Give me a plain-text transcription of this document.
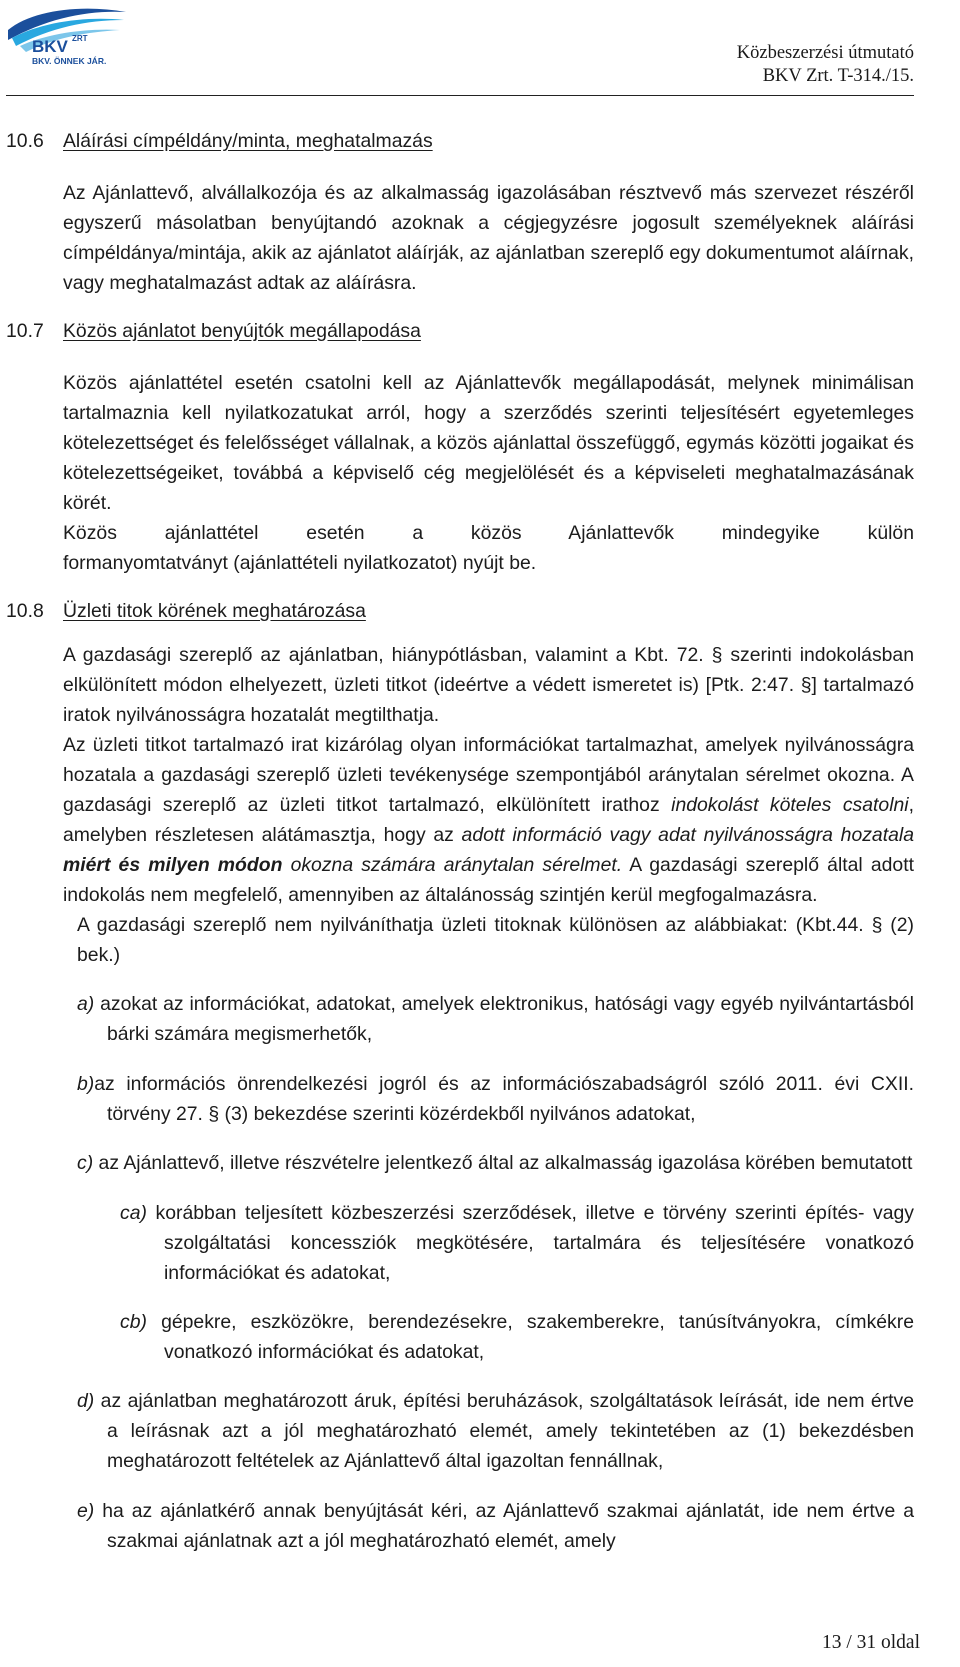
BKV ZRT
BKV. ÖNNEK JÁR.	Közbeszerzési útmutató
BKV Zrt. T-314./15.
10.6 Aláírási címpéldány/minta, meghatalmazás

Az Ajánlattevő, alvállalkozója és az alkalmasság igazolásában résztvevő más szervezet részéről egyszerű másolatban benyújtandó azoknak a cégjegyzésre jogosult személyeknek aláírási címpéldánya/mintája, akik az ajánlatot aláírják, az ajánlatban szereplő egy dokumentumot aláírnak, vagy meghatalmazást adtak az aláírásra.

10.7 Közös ajánlatot benyújtók megállapodása

Közös ajánlattétel esetén csatolni kell az Ajánlattevők megállapodását, melynek minimálisan tartalmaznia kell nyilatkozatukat arról, hogy a szerződés szerinti teljesítésért egyetemleges kötelezettséget és felelősséget vállalnak, a közös ajánlattal összefüggő, egymás közötti jogaikat és kötelezettségeiket, továbbá a képviselő cég megjelölését és a képviseleti meghatalmazásának körét.

Közös ajánlattétel esetén a közös Ajánlattevők mindegyike külön

formanyomtatványt (ajánlattételi nyilatkozatot) nyújt be.

10.8 Üzleti titok körének meghatározása

A gazdasági szereplő az ajánlatban, hiánypótlásban, valamint a Kbt. 72. § szerinti indokolásban elkülönített módon elhelyezett, üzleti titkot (ideértve a védett ismeretet is) [Ptk. 2:47. §] tartalmazó iratok nyilvánosságra hozatalát megtilthatja.

Az üzleti titkot tartalmazó irat kizárólag olyan információkat tartalmazhat, amelyek nyilvánosságra hozatala a gazdasági szereplő üzleti tevékenysége szempontjából aránytalan sérelmet okozna. A gazdasági szereplő az üzleti titkot tartalmazó, elkülönített irathoz indokolást köteles csatolni, amelyben részletesen alátámasztja, hogy az adott információ vagy adat nyilvánosságra hozatala miért és milyen módon okozna számára aránytalan sérelmet. A gazdasági szereplő által adott indokolás nem megfelelő, amennyiben az általánosság szintjén kerül megfogalmazásra.

A gazdasági szereplő nem nyilváníthatja üzleti titoknak különösen az alábbiakat: (Kbt.44. § (2) bek.)

a) azokat az információkat, adatokat, amelyek elektronikus, hatósági vagy egyéb nyilvántartásból bárki számára megismerhetők,

b)az információs önrendelkezési jogról és az információszabadságról szóló 2011. évi CXII. törvény 27. § (3) bekezdése szerinti közérdekből nyilvános adatokat,

c) az Ajánlattevő, illetve részvételre jelentkező által az alkalmasság igazolása körében bemutatott

ca) korábban teljesített közbeszerzési szerződések, illetve e törvény szerinti építés- vagy szolgáltatási koncessziók megkötésére, tartalmára és teljesítésére vonatkozó információkat és adatokat,

cb) gépekre, eszközökre, berendezésekre, szakemberekre, tanúsítványokra, címkékre vonatkozó információkat és adatokat,

d) az ajánlatban meghatározott áruk, építési beruházások, szolgáltatások leírását, ide nem értve a leírásnak azt a jól meghatározható elemét, amely tekintetében az (1) bekezdésben meghatározott feltételek az Ajánlattevő által igazoltan fennállnak,

e) ha az ajánlatkérő annak benyújtását kéri, az Ajánlattevő szakmai ajánlatát, ide nem értve a szakmai ajánlatnak azt a jól meghatározható elemét, amely

13 / 31 oldal
